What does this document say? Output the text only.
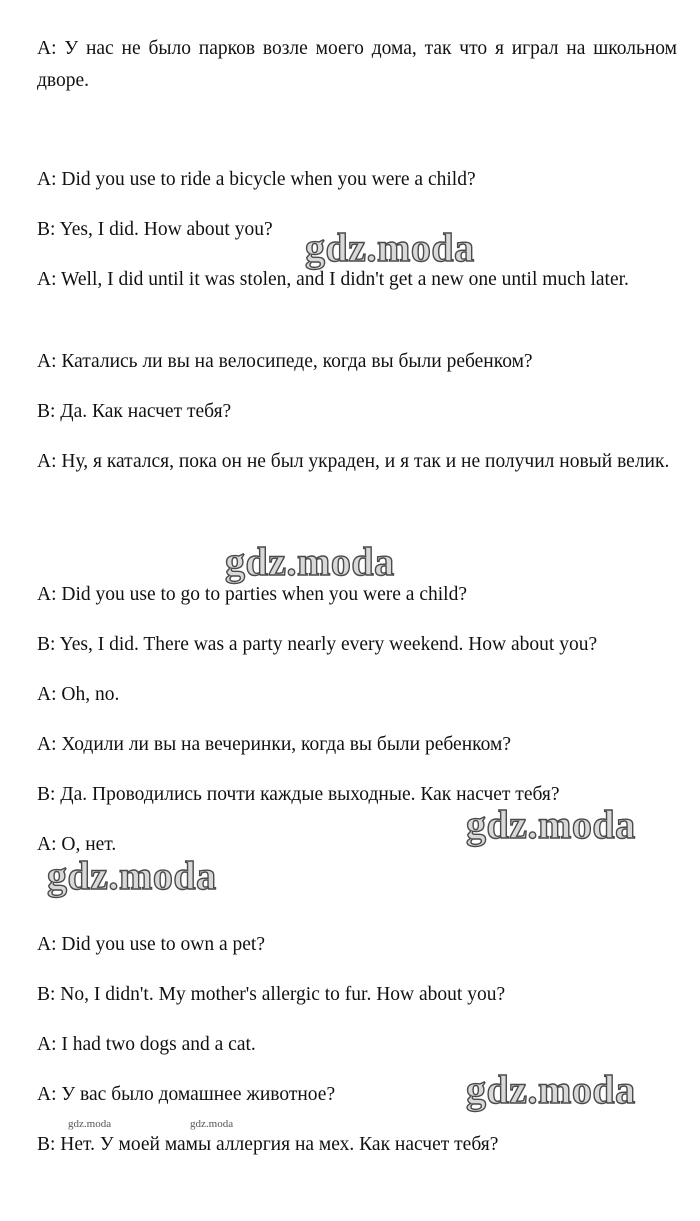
A: У нас не было парков возле моего дома, так что я играл на школьном дворе.

A: Did you use to ride a bicycle when you were a child?

B: Yes, I did. How about you?

A: Well, I did until it was stolen, and I didn't get a new one until much later.

A: Катались ли вы на велосипеде, когда вы были ребенком?

B: Да. Как насчет тебя?

A: Ну, я катался, пока он не был украден, и я так и не получил новый велик.

A: Did you use to go to parties when you were a child?

B: Yes, I did. There was a party nearly every weekend. How about you?

A: Oh, no.

A: Ходили ли вы на вечеринки, когда вы были ребенком?

B: Да. Проводились почти каждые выходные. Как насчет тебя?

A: О, нет.

A: Did you use to own a pet?

B: No, I didn't. My mother's allergic to fur. How about you?

A: I had two dogs and a cat.

A: У вас было домашнее животное?

B: Нет. У моей мамы аллергия на мех. Как насчет тебя?

gdz.moda
gdz.moda
gdz.moda
gdz.moda
gdz.moda
gdz.moda	gdz.moda
